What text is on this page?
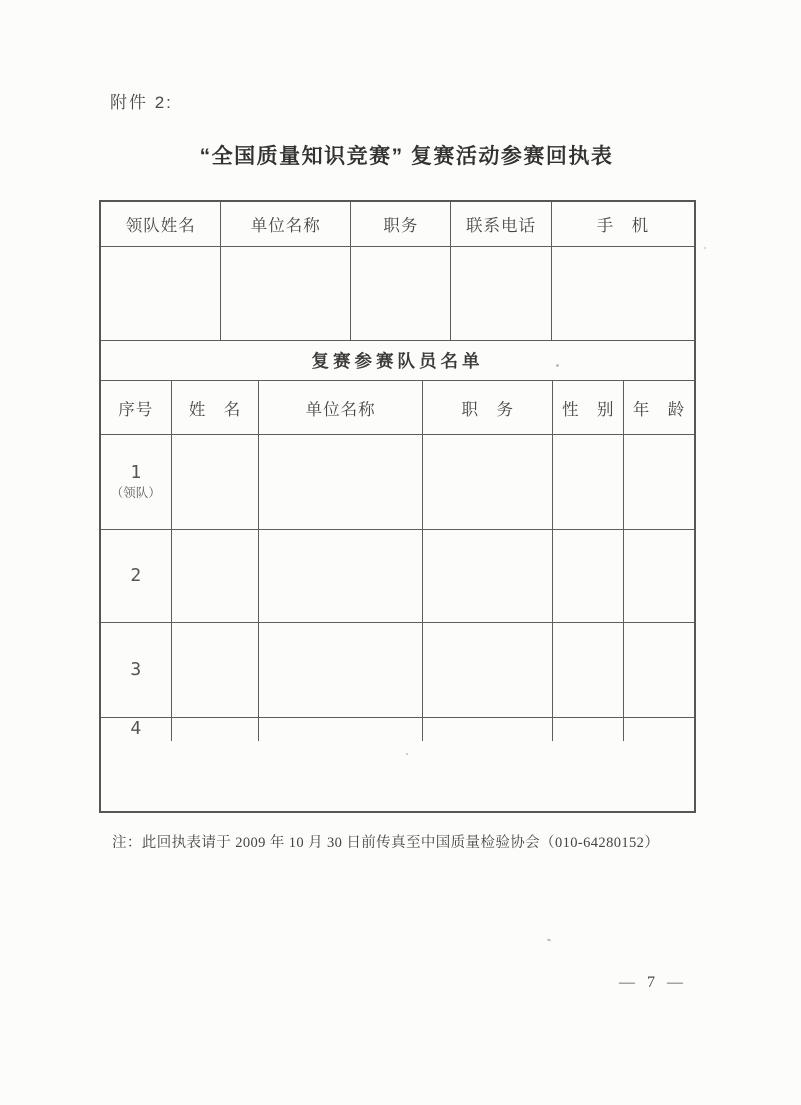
附件 2:
“全国质量知识竞赛” 复赛活动参赛回执表
领队姓名	单位名称	职务	联系电话	手　机
复赛参赛队员名单
序号	姓　名	单位名称	职　务	性　别	年　龄
1
（领队）
2
3
4
注：此回执表请于 2009 年 10 月 30 日前传真至中国质量检验协会（010-64280152）
— 7 —
